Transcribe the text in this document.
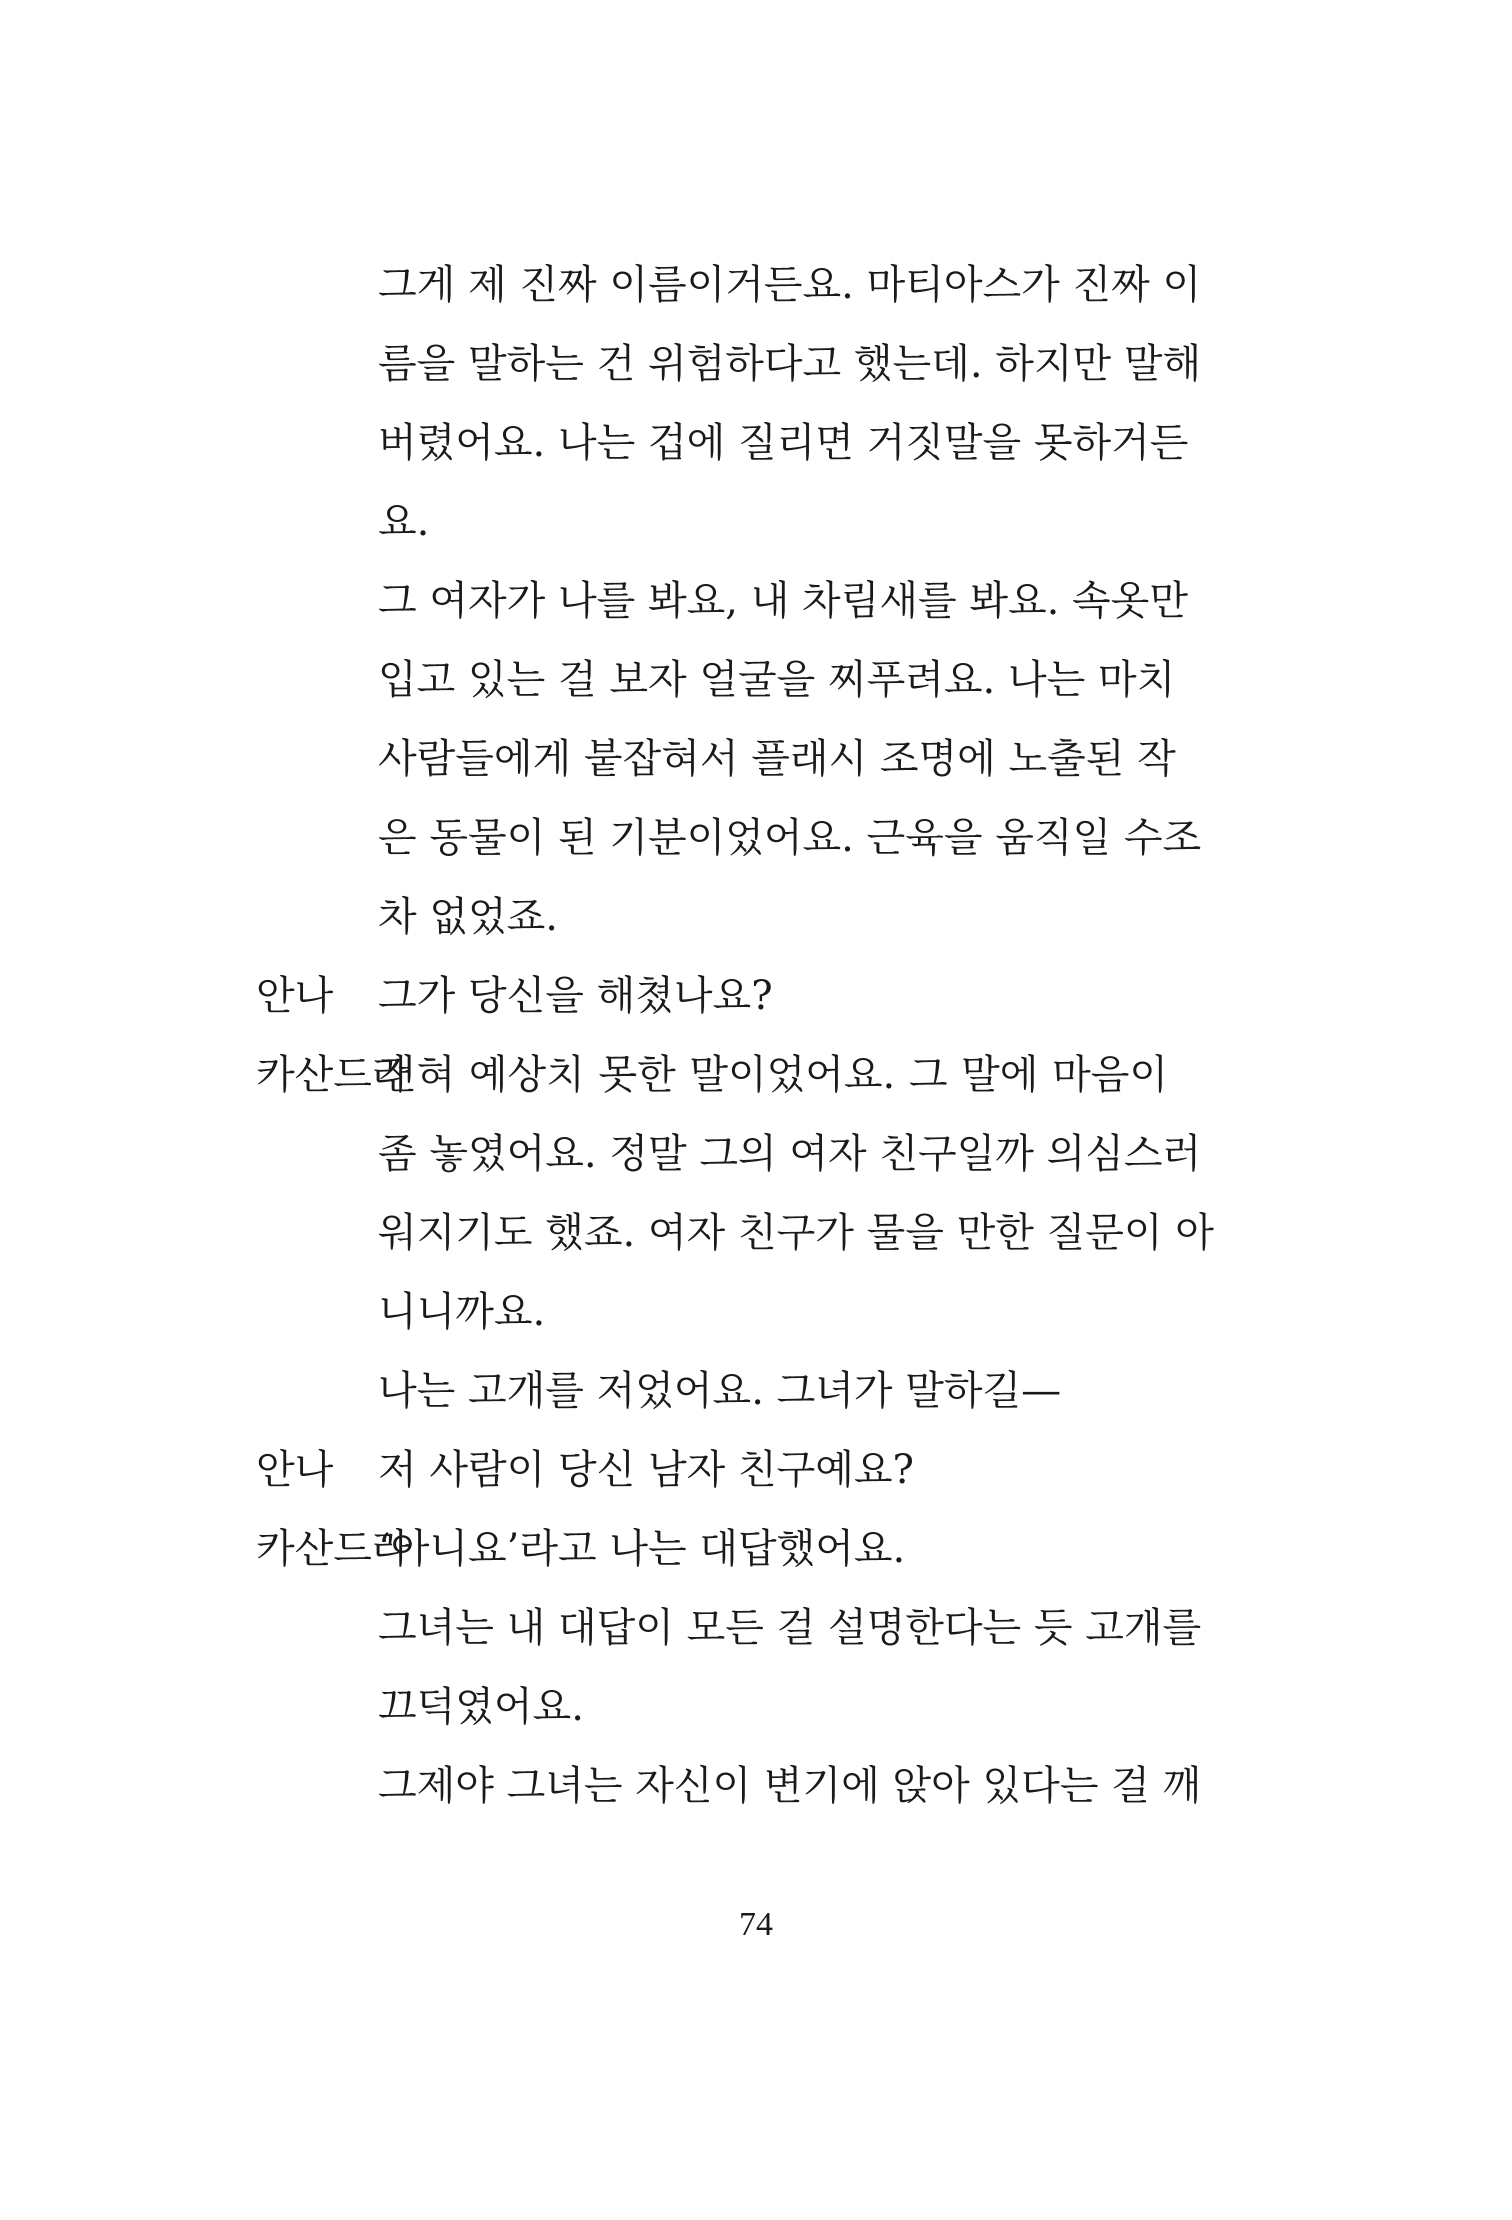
그게 제 진짜 이름이거든요. 마티아스가 진짜 이
름을 말하는 건 위험하다고 했는데. 하지만 말해
버렸어요. 나는 겁에 질리면 거짓말을 못하거든
요.
그 여자가 나를 봐요, 내 차림새를 봐요. 속옷만
입고 있는 걸 보자 얼굴을 찌푸려요. 나는 마치
사람들에게 붙잡혀서 플래시 조명에 노출된 작
은 동물이 된 기분이었어요. 근육을 움직일 수조
차 없었죠.
안나	그가 당신을 해쳤나요?
카산드라
전혀 예상치 못한 말이었어요. 그 말에 마음이
좀 놓였어요. 정말 그의 여자 친구일까 의심스러
워지기도 했죠. 여자 친구가 물을 만한 질문이 아
니니까요.
나는 고개를 저었어요. 그녀가 말하길—
안나	저 사람이 당신 남자 친구예요?
카산드라
‘아니요’라고 나는 대답했어요.
그녀는 내 대답이 모든 걸 설명한다는 듯 고개를
끄덕였어요.
그제야 그녀는 자신이 변기에 앉아 있다는 걸 깨
74
